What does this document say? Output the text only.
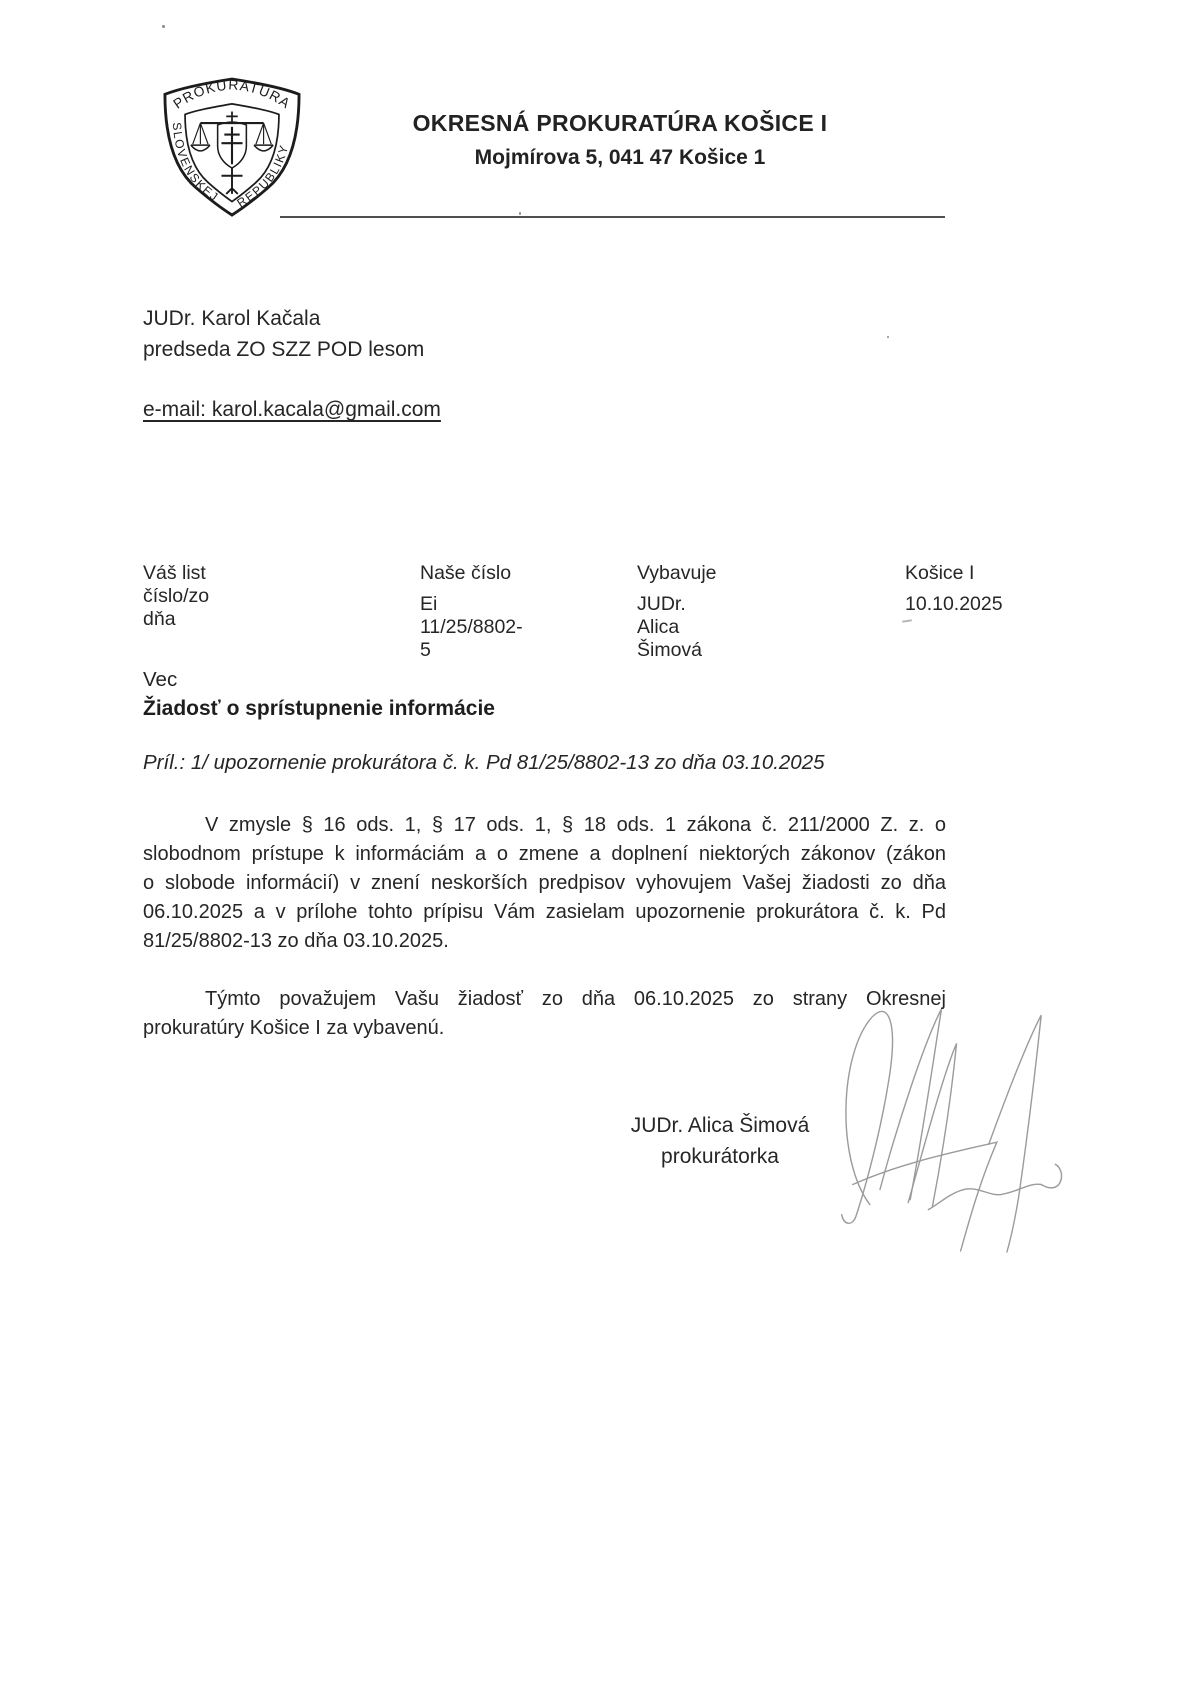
PROKURATÚRA
SLOVENSKEJ REPUBLIKY
OKRESNÁ PROKURATÚRA KOŠICE I
Mojmírova 5, 041 47 Košice 1
JUDr. Karol Kačala
predseda ZO SZZ POD lesom
e-mail: karol.kacala@gmail.com
Váš list číslo/zo dňa
Naše číslo
Ei 11/25/8802-5
Vybavuje
JUDr. Alica Šimová
Košice I
10.10.2025
Vec
Žiadosť o sprístupnenie informácie
Príl.: 1/ upozornenie prokurátora č. k. Pd 81/25/8802-13 zo dňa 03.10.2025
V zmysle § 16 ods. 1, § 17 ods. 1, § 18 ods. 1 zákona č. 211/2000 Z. z. o
slobodnom prístupe k informáciám a o zmene a doplnení niektorých zákonov (zákon
o slobode informácií) v znení neskorších predpisov vyhovujem Vašej žiadosti zo dňa
06.10.2025 a v prílohe tohto prípisu Vám zasielam upozornenie prokurátora č. k. Pd
81/25/8802-13 zo dňa 03.10.2025.
Týmto považujem Vašu žiadosť zo dňa 06.10.2025 zo strany Okresnej
prokuratúry Košice I za vybavenú.
JUDr. Alica Šimová
prokurátorka
